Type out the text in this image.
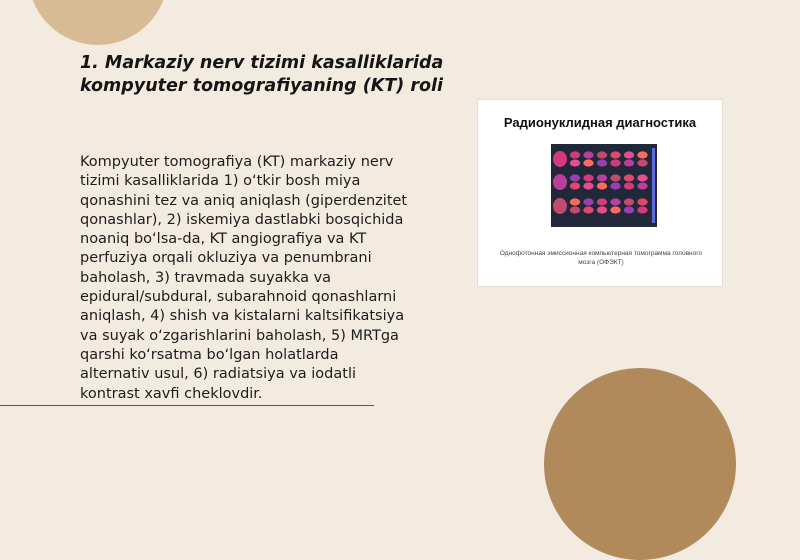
1. Markaziy nerv tizimi kasalliklarida
kompyuter tomografiyaning (KT) roli
Kompyuter tomografiya (KT) markaziy nerv
tizimi kasalliklarida 1) o‘tkir bosh miya
qonashini tez va aniq aniqlash (giperdenzitet
qonashlar), 2) iskemiya dastlabki bosqichida
noaniq bo‘lsa-da, KT angiografiya va KT
perfuziya orqali okluziya va penumbrani
baholash, 3) travmada suyakka va
epidural/subdural, subarahnoid qonashlarni
aniqlash, 4) shish va kistalarni kaltsifikatsiya
va suyak o‘zgarishlarini baholash, 5) MRTga
qarshi ko‘rsatma bo‘lgan holatlarda
alternativ usul, 6) radiatsiya va iodatli
kontrast xavfi cheklovdir.
Радионуклидная диагностика
Однофотонная эмиссионная компьютерная томограмма головного
мозга (ОФЭКТ)
